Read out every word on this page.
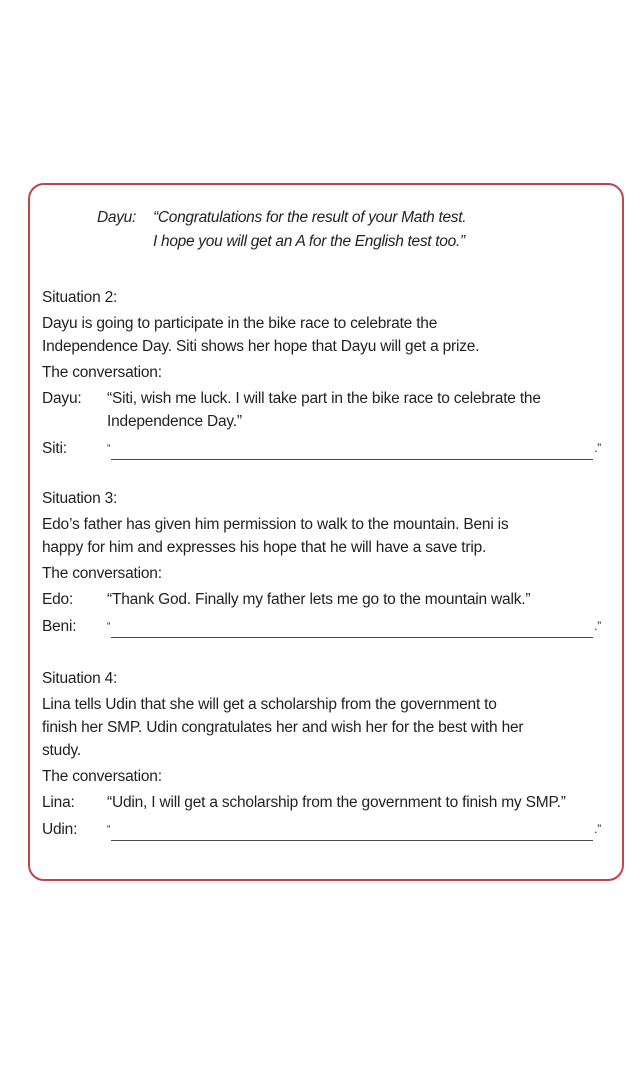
Dayu:	“Congratulations for the result of your Math test.
I hope you will get an A for the English test too.”
Situation 2:
Dayu is going to participate in the bike race to celebrate the
Independence Day. Siti shows her hope that Dayu will get a prize.
The conversation:
Dayu:	“Siti, wish me luck. I will take part in the bike race to celebrate the Independence Day.”
Siti:	“	.”
Situation 3:
Edo’s father has given him permission to walk to the mountain. Beni is
happy for him and expresses his hope that he will have a save trip.
The conversation:
Edo:	“Thank God. Finally my father lets me go to the mountain walk.”
Beni:	“	.”
Situation 4:
Lina tells Udin that she will get a scholarship from the government to
finish her SMP. Udin congratulates her and wish her for the best with her
study.
The conversation:
Lina:	“Udin, I will get a scholarship from the government to finish my SMP.”
Udin:	“	.”
